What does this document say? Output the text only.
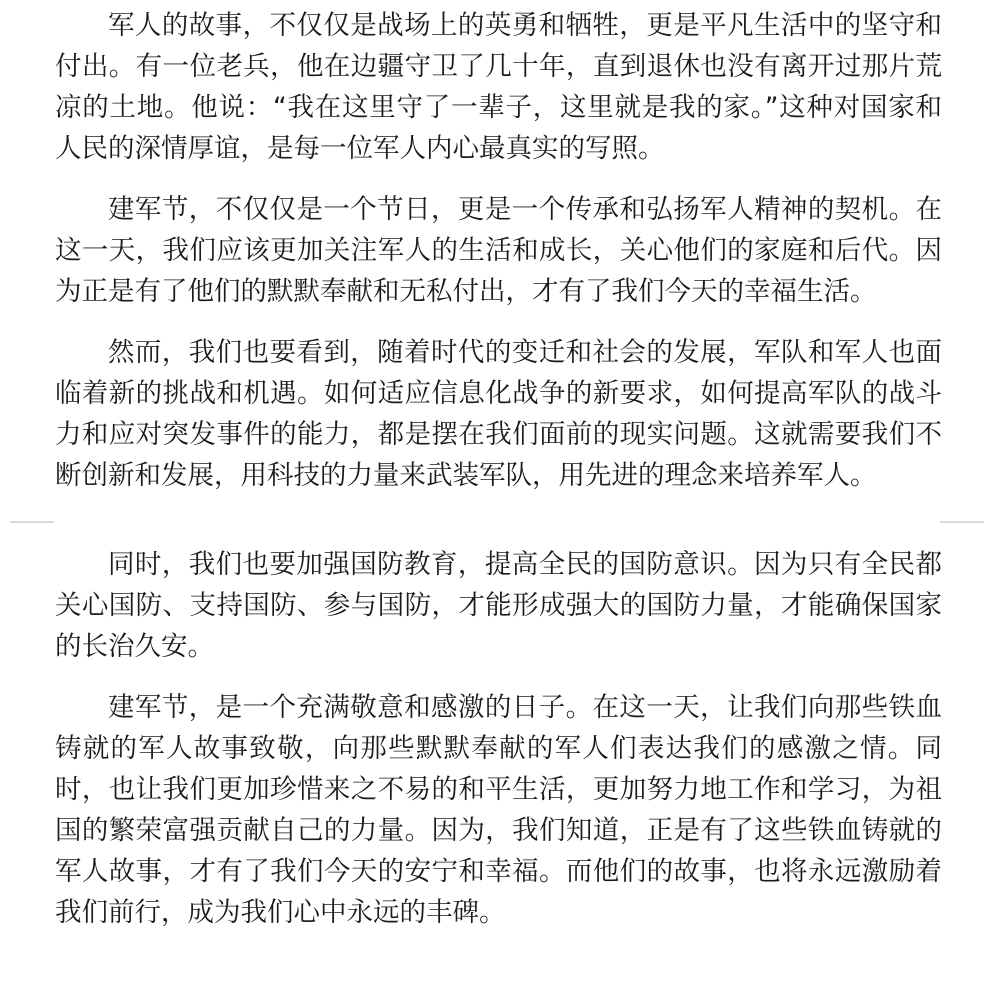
军人的故事，不仅仅是战场上的英勇和牺牲，更是平凡生活中的坚守和付出。有一位老兵，他在边疆守卫了几十年，直到退休也没有离开过那片荒凉的土地。他说：“我在这里守了一辈子，这里就是我的家。”这种对国家和人民的深情厚谊，是每一位军人内心最真实的写照。

建军节，不仅仅是一个节日，更是一个传承和弘扬军人精神的契机。在这一天，我们应该更加关注军人的生活和成长，关心他们的家庭和后代。因为正是有了他们的默默奉献和无私付出，才有了我们今天的幸福生活。

然而，我们也要看到，随着时代的变迁和社会的发展，军队和军人也面临着新的挑战和机遇。如何适应信息化战争的新要求，如何提高军队的战斗力和应对突发事件的能力，都是摆在我们面前的现实问题。这就需要我们不断创新和发展，用科技的力量来武装军队，用先进的理念来培养军人。

同时，我们也要加强国防教育，提高全民的国防意识。因为只有全民都关心国防、支持国防、参与国防，才能形成强大的国防力量，才能确保国家的长治久安。

建军节，是一个充满敬意和感激的日子。在这一天，让我们向那些铁血铸就的军人故事致敬，向那些默默奉献的军人们表达我们的感激之情。同时，也让我们更加珍惜来之不易的和平生活，更加努力地工作和学习，为祖国的繁荣富强贡献自己的力量。因为，我们知道，正是有了这些铁血铸就的军人故事，才有了我们今天的安宁和幸福。而他们的故事，也将永远激励着我们前行，成为我们心中永远的丰碑。
